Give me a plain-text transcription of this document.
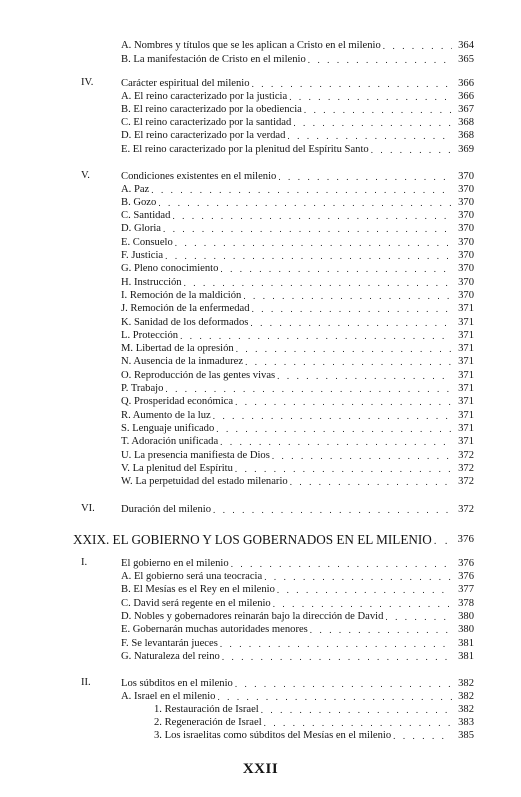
A. Nombres y títulos que se les aplican a Cristo en el milenio . . .	364
B. La manifestación de Cristo en el milenio . . .	365
IV.	Carácter espiritual del milenio . . .	366
A. El reino caracterizado por la justicia . . .	366
B. El reino caracterizado por la obediencia . . .	367
C. El reino caracterizado por la santidad . . .	368
D. El reino caracterizado por la verdad . . .	368
E. El reino caracterizado por la plenitud del Espíritu Santo . . .	369
V.	Condiciones existentes en el milenio . . .	370
A. Paz . . .	370
B. Gozo . . .	370
C. Santidad . . .	370
D. Gloria . . .	370
E. Consuelo . . .	370
F. Justicia . . .	370
G. Pleno conocimiento . . .	370
H. Instrucción . . .	370
I. Remoción de la maldición . . .	370
J. Remoción de la enfermedad . . .	371
K. Sanidad de los deformados . . .	371
L. Protección . . .	371
M. Libertad de la opresión . . .	371
N. Ausencia de la inmadurez . . .	371
O. Reproducción de las gentes vivas . . .	371
P. Trabajo . . .	371
Q. Prosperidad económica . . .	371
R. Aumento de la luz . . .	371
S. Lenguaje unificado . . .	371
T. Adoración unificada . . .	371
U. La presencia manifiesta de Dios . . .	372
V. La plenitud del Espíritu . . .	372
W. La perpetuidad del estado milenario . . .	372
VI. Duración del milenio . . .	372
XXIX. EL GOBIERNO Y LOS GOBERNADOS EN EL MILENIO . . .	376
I.	El gobierno en el milenio . . .	376
A. El gobierno será una teocracia . . .	376
B. El Mesías es el Rey en el milenio . . .	377
C. David será regente en el milenio . . .	378
D. Nobles y gobernadores reinarán bajo la dirección de David . . .	380
E. Gobernarán muchas autoridades menores . . .	380
F. Se levantarán jueces . . .	381
G. Naturaleza del reino . . .	381
II.	Los súbditos en el milenio . . .	382
A. Israel en el milenio . . .	382
1. Restauración de Israel . . .	382
2. Regeneración de Israel . . .	383
3. Los israelitas como súbditos del Mesías en el milenio . . .	385
XXII
